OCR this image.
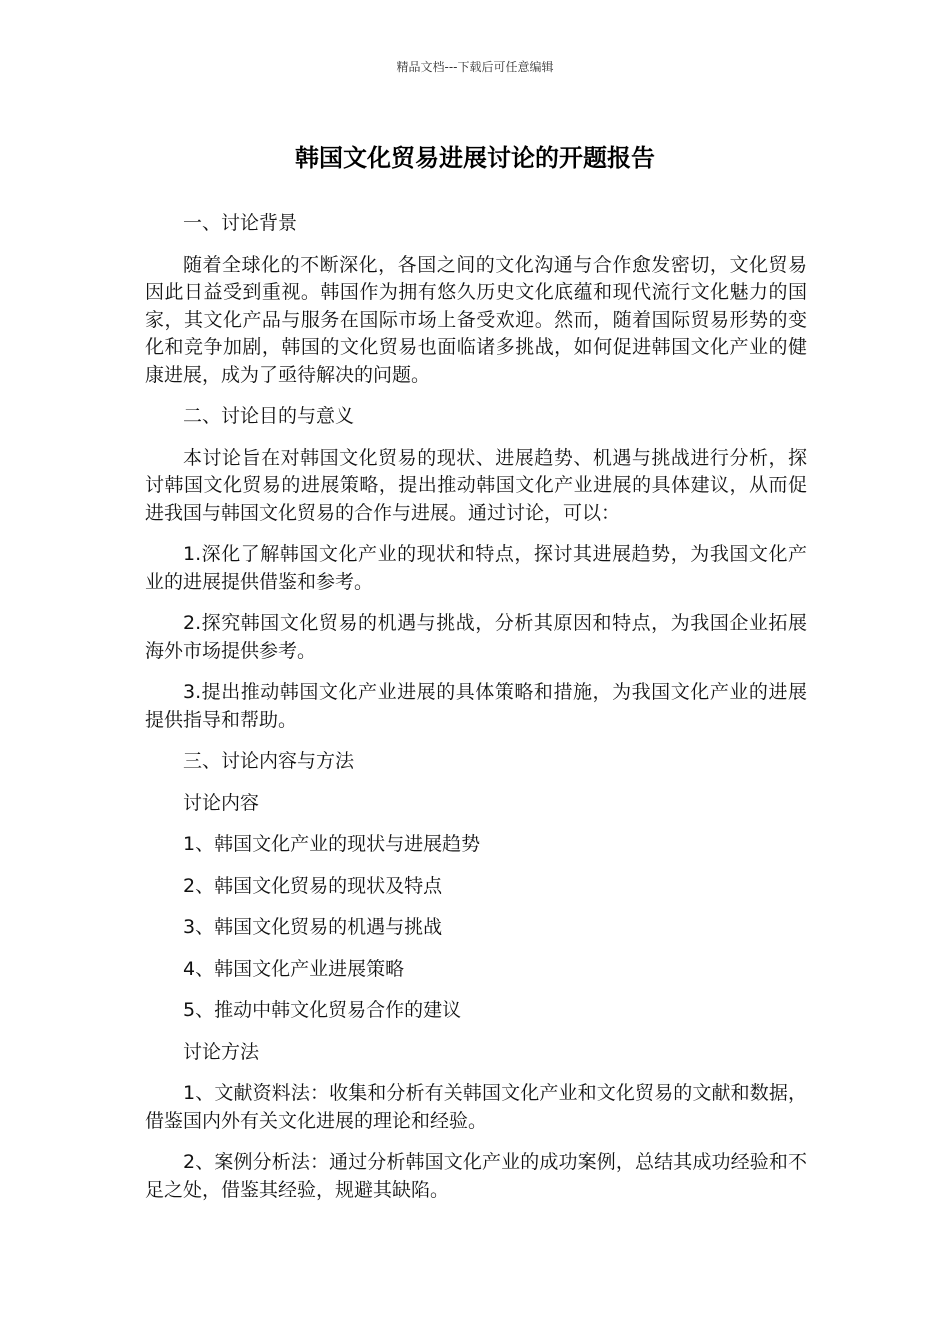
精品文档---下载后可任意编辑
韩国文化贸易进展讨论的开题报告

一、讨论背景

随着全球化的不断深化，各国之间的文化沟通与合作愈发密切，文化贸易因此日益受到重视。韩国作为拥有悠久历史文化底蕴和现代流行文化魅力的国家，其文化产品与服务在国际市场上备受欢迎。然而，随着国际贸易形势的变化和竞争加剧，韩国的文化贸易也面临诸多挑战，如何促进韩国文化产业的健康进展，成为了亟待解决的问题。

二、讨论目的与意义

本讨论旨在对韩国文化贸易的现状、进展趋势、机遇与挑战进行分析，探讨韩国文化贸易的进展策略，提出推动韩国文化产业进展的具体建议，从而促进我国与韩国文化贸易的合作与进展。通过讨论，可以：

1.深化了解韩国文化产业的现状和特点，探讨其进展趋势，为我国文化产业的进展提供借鉴和参考。

2.探究韩国文化贸易的机遇与挑战，分析其原因和特点，为我国企业拓展海外市场提供参考。

3.提出推动韩国文化产业进展的具体策略和措施，为我国文化产业的进展提供指导和帮助。

三、讨论内容与方法

讨论内容

1、韩国文化产业的现状与进展趋势

2、韩国文化贸易的现状及特点

3、韩国文化贸易的机遇与挑战

4、韩国文化产业进展策略

5、推动中韩文化贸易合作的建议

讨论方法

1、文献资料法：收集和分析有关韩国文化产业和文化贸易的文献和数据，借鉴国内外有关文化进展的理论和经验。

2、案例分析法：通过分析韩国文化产业的成功案例，总结其成功经验和不足之处，借鉴其经验，规避其缺陷。
